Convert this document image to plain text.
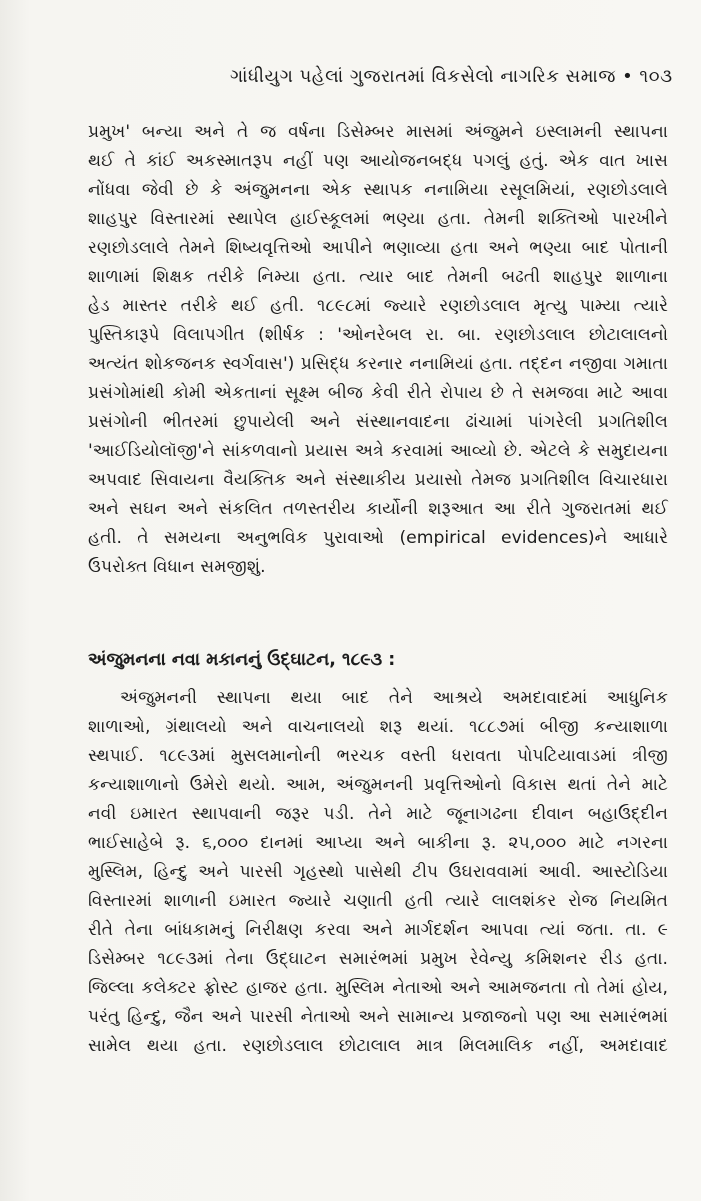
ગાંધીયુગ પહેલાં ગુજરાતમાં વિકસેલો નાગરિક સમાજ • ૧૦૩
પ્રમુખ' બન્યા અને તે જ વર્ષના ડિસેમ્બર માસમાં અંજુમને ઇસ્લામની સ્થાપના
થઈ તે કાંઈ અકસ્માતરૂપ નહીં પણ આયોજનબદ્ધ પગલું હતું. એક વાત ખાસ
નોંધવા જેવી છે કે અંજુમનના એક સ્થાપક નનામિયા રસૂલમિયાં, રણછોડલાલે
શાહપુર વિસ્તારમાં સ્થાપેલ હાઈસ્કૂલમાં ભણ્યા હતા. તેમની શક્તિઓ પારખીને
રણછોડલાલે તેમને શિષ્યવૃત્તિઓ આપીને ભણાવ્યા હતા અને ભણ્યા બાદ પોતાની
શાળામાં શિક્ષક તરીકે નિમ્યા હતા. ત્યાર બાદ તેમની બઢતી શાહપુર શાળાના
હેડ માસ્તર તરીકે થઈ હતી. ૧૮૯૮માં જ્યારે રણછોડલાલ મૃત્યુ પામ્યા ત્યારે
પુસ્તિકારૂપે વિલાપગીત (શીર્ષક : 'ઓનરેબલ રા. બા. રણછોડલાલ છોટાલાલનો
અત્યંત શોકજનક સ્વર્ગવાસ') પ્રસિદ્ધ કરનાર નનામિયાં હતા. તદ્દન નજીવા ગમાતા
પ્રસંગોમાંથી કોમી એકતાનાં સૂક્ષ્મ બીજ કેવી રીતે રોપાય છે તે સમજવા માટે આવા
પ્રસંગોની ભીતરમાં છુપાયેલી અને સંસ્થાનવાદના ઢાંચામાં પાંગરેલી પ્રગતિશીલ
'આઈડિયોલૉજી'ને સાંકળવાનો પ્રયાસ અત્રે કરવામાં આવ્યો છે. એટલે કે સમુદાયના
અપવાદ સિવાયના વૈયક્તિક અને સંસ્થાકીય પ્રયાસો તેમજ પ્રગતિશીલ વિચારધારા
અને સઘન અને સંકલિત તળસ્તરીય કાર્યોની શરૂઆત આ રીતે ગુજરાતમાં થઈ
હતી. તે સમયના અનુભવિક પુરાવાઓ (empirical evidences)ને આધારે
ઉપરોક્ત વિધાન સમજીશું.
અંજુમનના નવા મકાનનું ઉદ્‌ઘાટન, ૧૮૯૩ :
અંજુમનની સ્થાપના થયા બાદ તેને આશ્રયે અમદાવાદમાં આધુનિક
શાળાઓ, ગ્રંથાલયો અને વાચનાલયો શરૂ થયાં. ૧૮૮૭માં બીજી કન્યાશાળા
સ્થપાઈ. ૧૮૯૩માં મુસલમાનોની ભરચક વસ્તી ધરાવતા પોપટિયાવાડમાં ત્રીજી
કન્યાશાળાનો ઉમેરો થયો. આમ, અંજુમનની પ્રવૃત્તિઓનો વિકાસ થતાં તેને માટે
નવી ઇમારત સ્થાપવાની જરૂર પડી. તેને માટે જૂનાગઢના દીવાન બહાઉદ્દીન
ભાઈસાહેબે રૂ. ૬,૦૦૦ દાનમાં આપ્યા અને બાકીના રૂ. ૨૫,૦૦૦ માટે નગરના
મુસ્લિમ, હિન્દુ અને પારસી ગૃહસ્થો પાસેથી ટીપ ઉઘરાવવામાં આવી. આસ્ટોડિયા
વિસ્તારમાં શાળાની ઇમારત જ્યારે ચણાતી હતી ત્યારે લાલશંકર રોજ નિયમિત
રીતે તેના બાંધકામનું નિરીક્ષણ કરવા અને માર્ગદર્શન આપવા ત્યાં જતા. તા. ૯
ડિસેમ્બર ૧૮૯૩માં તેના ઉદ્‌ઘાટન સમારંભમાં પ્રમુખ રેવેન્યુ કમિશનર રીડ હતા.
જિલ્લા કલેક્ટર ફ્રોસ્ટ હાજર હતા. મુસ્લિમ નેતાઓ અને આમજનતા તો તેમાં હોય,
પરંતુ હિન્દુ, જૈન અને પારસી નેતાઓ અને સામાન્ય પ્રજાજનો પણ આ સમારંભમાં
સામેલ થયા હતા. રણછોડલાલ છોટાલાલ માત્ર મિલમાલિક નહીં, અમદાવાદ
